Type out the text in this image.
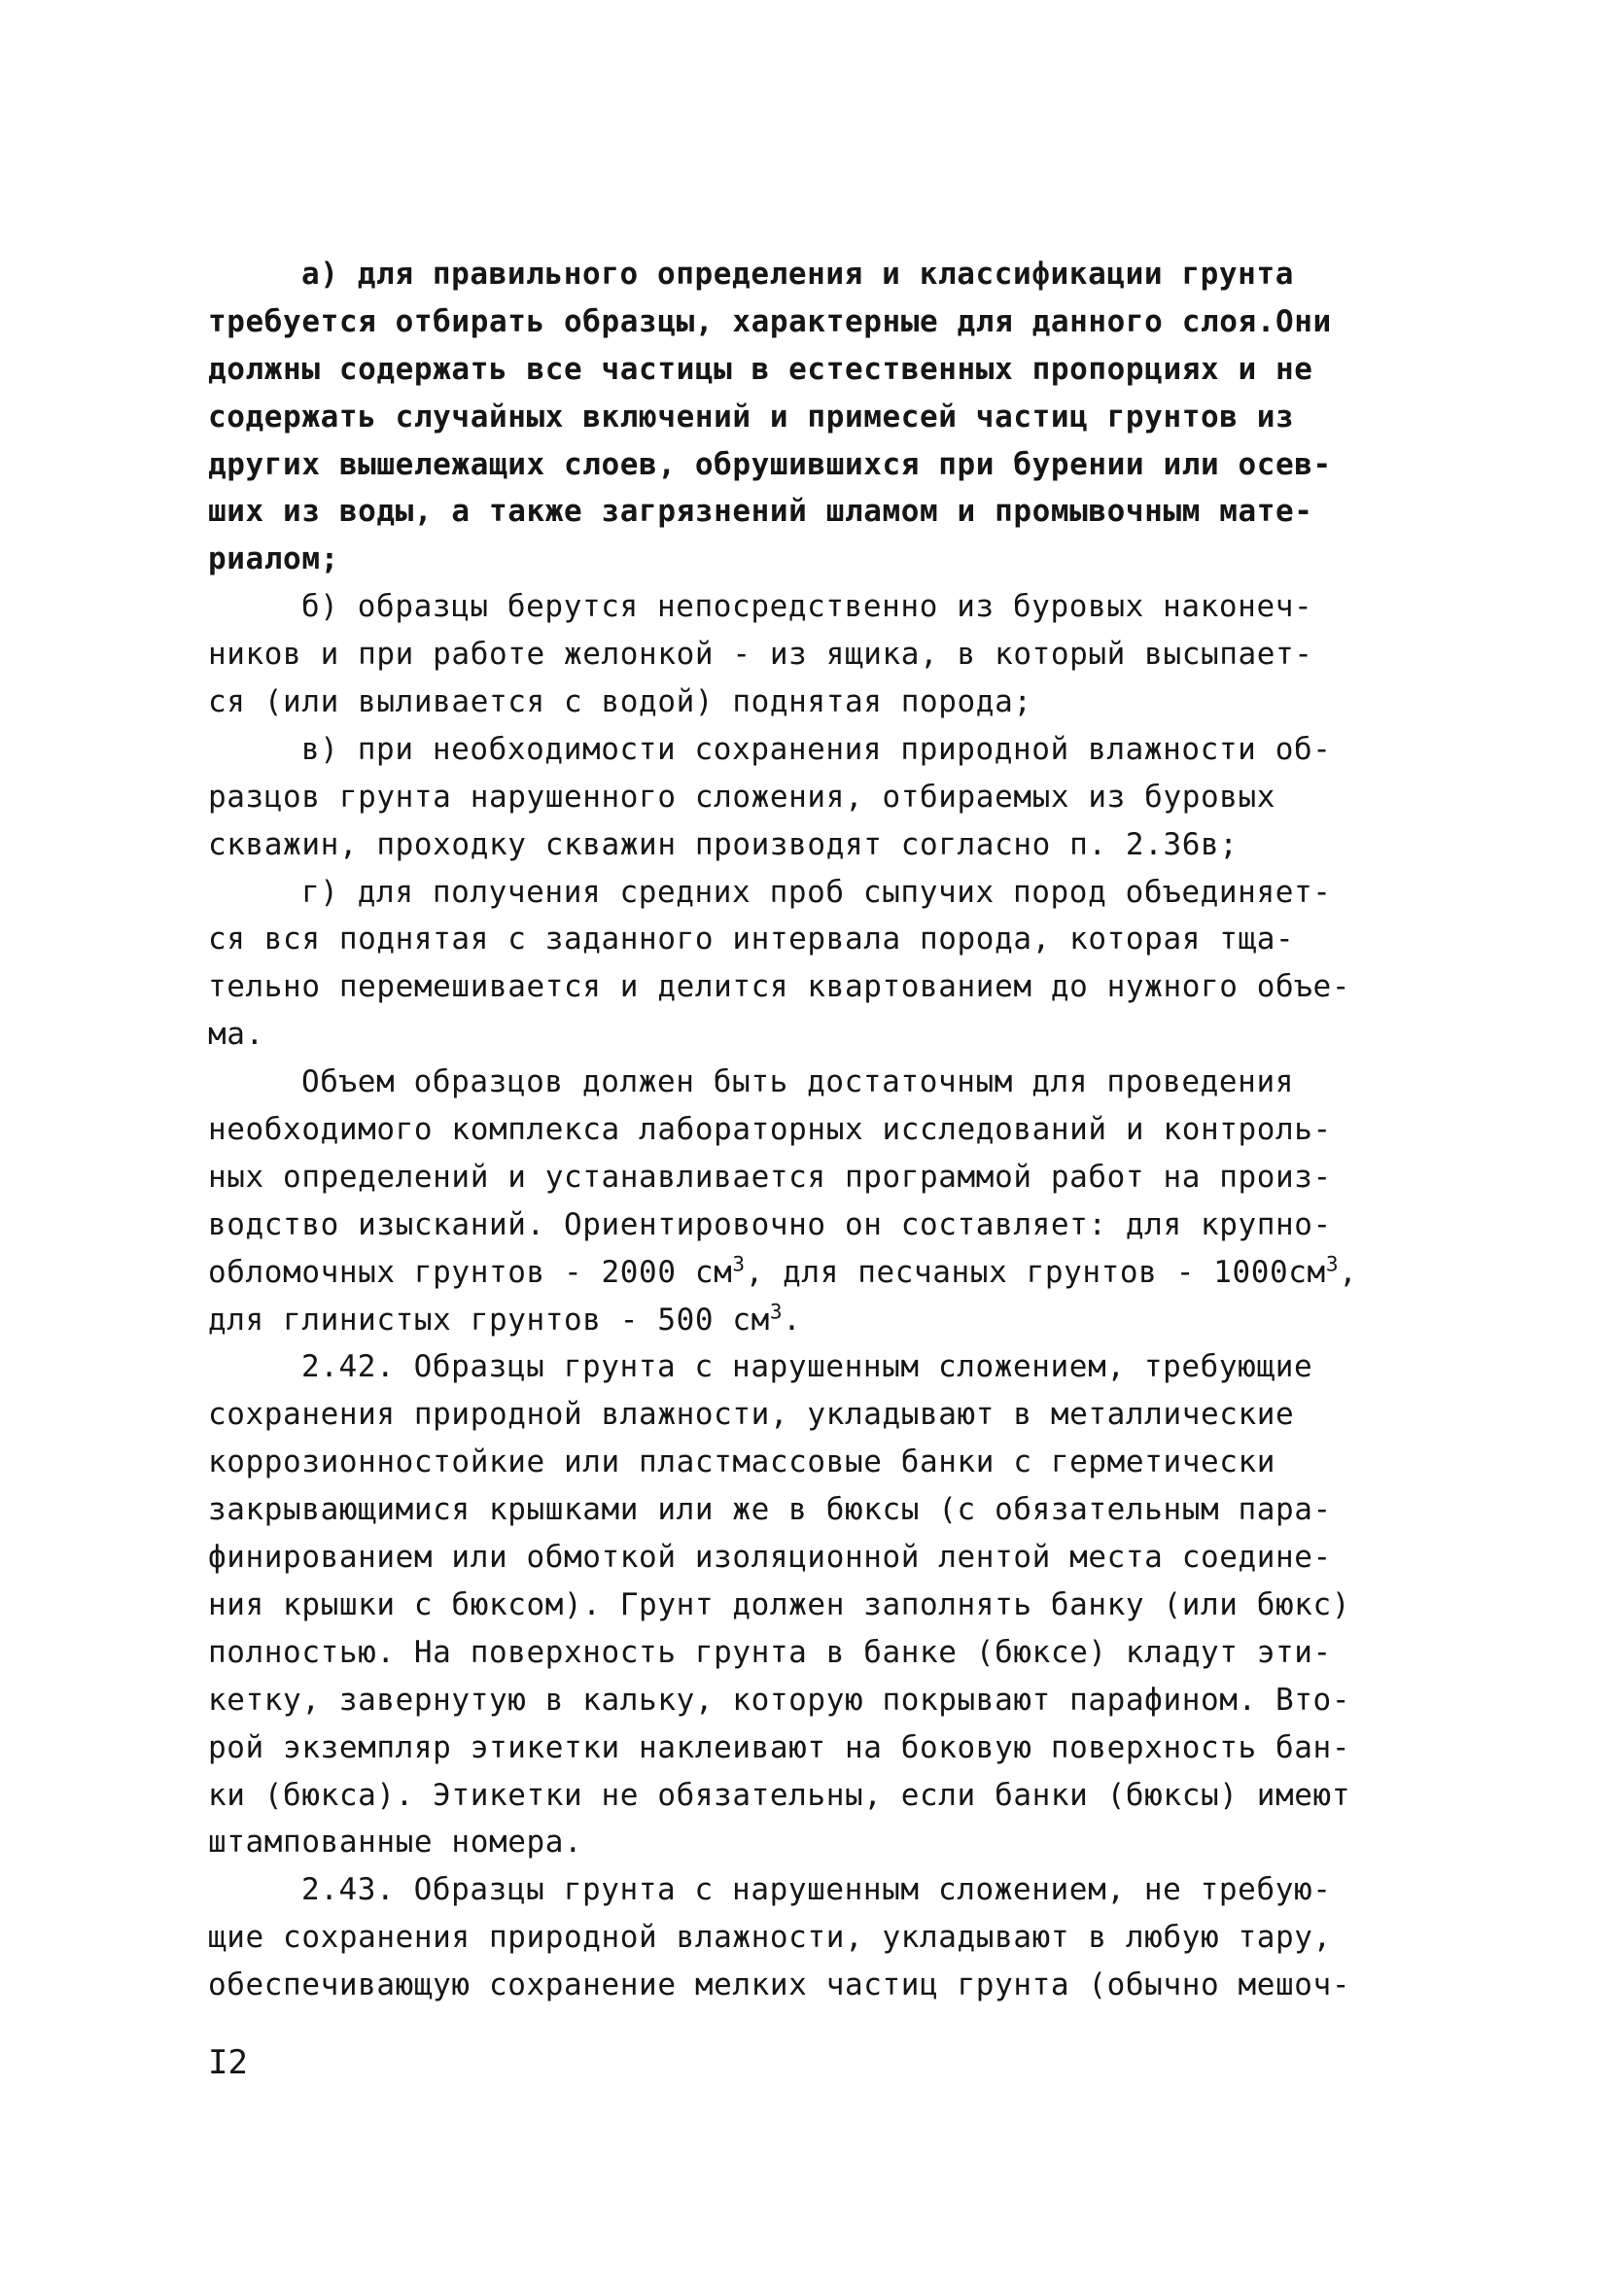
а) для правильного определения и классификации грунта
требуется отбирать образцы, характерные для данного слоя.Они
должны содержать все частицы в естественных пропорциях и не
содержать случайных включений и примесей частиц грунтов из
других вышележащих слоев, обрушившихся при бурении или осев-
ших из воды, а также загрязнений шламом и промывочным мате-
риалом;
б) образцы берутся непосредственно из буровых наконеч-
ников и при работе желонкой - из ящика, в который высыпает-
ся (или выливается с водой) поднятая порода;
в) при необходимости сохранения природной влажности об-
разцов грунта нарушенного сложения, отбираемых из буровых
скважин, проходку скважин производят согласно п. 2.36в;
г) для получения средних проб сыпучих пород объединяет-
ся вся поднятая с заданного интервала порода, которая тща-
тельно перемешивается и делится квартованием до нужного объе-
ма.
Объем образцов должен быть достаточным для проведения
необходимого комплекса лабораторных исследований и контроль-
ных определений и устанавливается программой работ на произ-
водство изысканий. Ориентировочно он составляет: для крупно-
обломочных грунтов - 2000 $см^3$, для песчаных грунтов - $1000см^3$,
для глинистых грунтов - 500 $см^3$.
2.42. Образцы грунта с нарушенным сложением, требующие
сохранения природной влажности, укладывают в металлические
коррозионностойкие или пластмассовые банки с герметически
закрывающимися крышками или же в бюксы (с обязательным пара-
финированием или обмоткой изоляционной лентой места соедине-
ния крышки с бюксом). Грунт должен заполнять банку (или бюкс)
полностью. На поверхность грунта в банке (бюксе) кладут эти-
кетку, завернутую в кальку, которую покрывают парафином. Вто-
рой экземпляр этикетки наклеивают на боковую поверхность бан-
ки (бюкса). Этикетки не обязательны, если банки (бюксы) имеют
штампованные номера.
2.43. Образцы грунта с нарушенным сложением, не требую-
щие сохранения природной влажности, укладывают в любую тару,
обеспечивающую сохранение мелких частиц грунта (обычно мешоч-
I2
